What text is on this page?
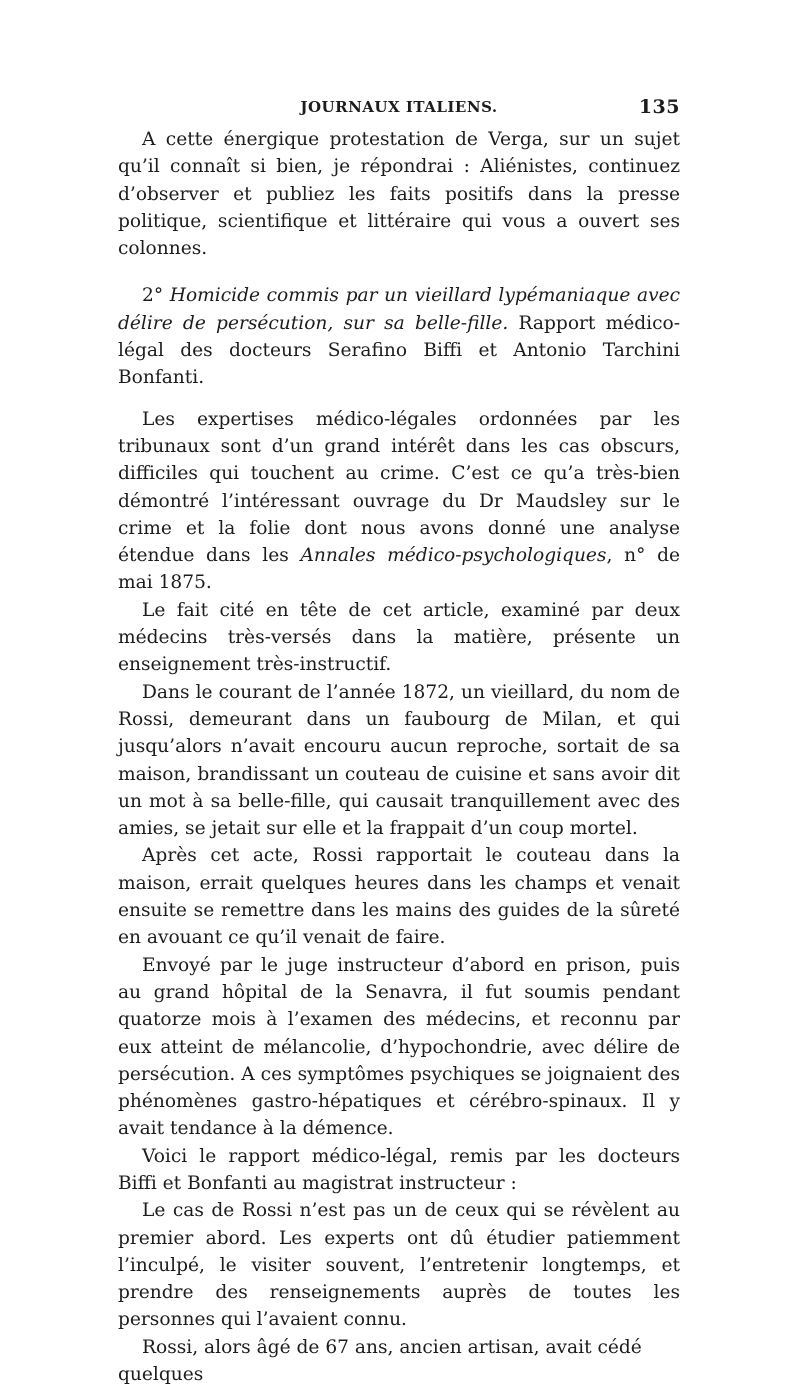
JOURNAUX ITALIENS.	135

A cette énergique protestation de Verga, sur un sujet qu’il connaît si bien, je répondrai : Aliénistes, continuez d’observer et publiez les faits positifs dans la presse politique, scientifique et littéraire qui vous a ouvert ses colonnes.

2° Homicide commis par un vieillard lypémaniaque avec délire de persécution, sur sa belle-fille. Rapport médico-légal des docteurs Serafino Biffi et Antonio Tarchini Bonfanti.

Les expertises médico-légales ordonnées par les tribunaux sont d’un grand intérêt dans les cas obscurs, difficiles qui touchent au crime. C’est ce qu’a très-bien démontré l’intéressant ouvrage du Dr Maudsley sur le crime et la folie dont nous avons donné une analyse étendue dans les Annales médico-psychologiques, n° de mai 1875.

Le fait cité en tête de cet article, examiné par deux médecins très-versés dans la matière, présente un enseignement très-instructif.

Dans le courant de l’année 1872, un vieillard, du nom de Rossi, demeurant dans un faubourg de Milan, et qui jusqu’alors n’avait encouru aucun reproche, sortait de sa maison, brandissant un couteau de cuisine et sans avoir dit un mot à sa belle-fille, qui causait tranquillement avec des amies, se jetait sur elle et la frappait d’un coup mortel.

Après cet acte, Rossi rapportait le couteau dans la maison, errait quelques heures dans les champs et venait ensuite se remettre dans les mains des guides de la sûreté en avouant ce qu’il venait de faire.

Envoyé par le juge instructeur d’abord en prison, puis au grand hôpital de la Senavra, il fut soumis pendant quatorze mois à l’examen des médecins, et reconnu par eux atteint de mélancolie, d’hypochondrie, avec délire de persécution. A ces symptômes psychiques se joignaient des phénomènes gastro-hépatiques et cérébro-spinaux. Il y avait tendance à la démence.

Voici le rapport médico-légal, remis par les docteurs Biffi et Bonfanti au magistrat instructeur :

Le cas de Rossi n’est pas un de ceux qui se révèlent au premier abord. Les experts ont dû étudier patiemment l’inculpé, le visiter souvent, l’entretenir longtemps, et prendre des renseignements auprès de toutes les personnes qui l’avaient connu.

Rossi, alors âgé de 67 ans, ancien artisan, avait cédé quelques
